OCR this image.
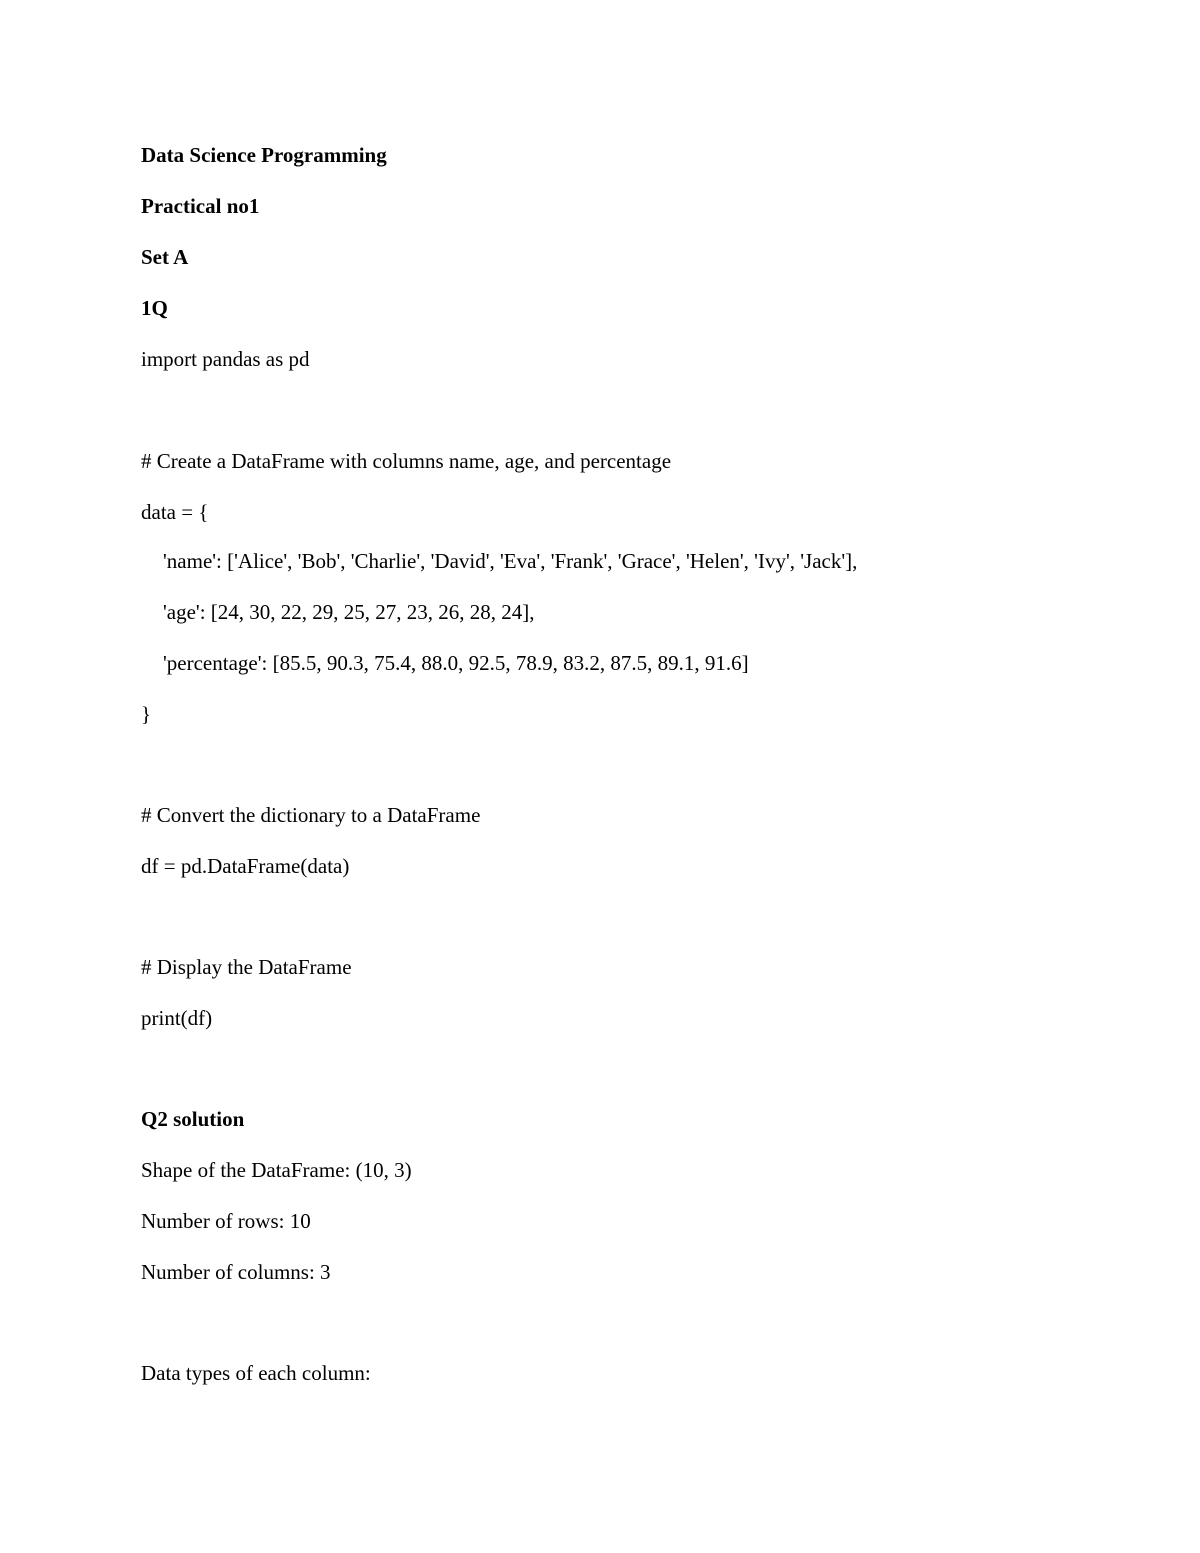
Data Science Programming

Practical no1

Set A

1Q

import pandas as pd

# Create a DataFrame with columns name, age, and percentage

data = {

'name': ['Alice', 'Bob', 'Charlie', 'David', 'Eva', 'Frank', 'Grace', 'Helen', 'Ivy', 'Jack'],

'age': [24, 30, 22, 29, 25, 27, 23, 26, 28, 24],

'percentage': [85.5, 90.3, 75.4, 88.0, 92.5, 78.9, 83.2, 87.5, 89.1, 91.6]

}

# Convert the dictionary to a DataFrame

df = pd.DataFrame(data)

# Display the DataFrame

print(df)

Q2 solution

Shape of the DataFrame: (10, 3)

Number of rows: 10

Number of columns: 3

Data types of each column:
